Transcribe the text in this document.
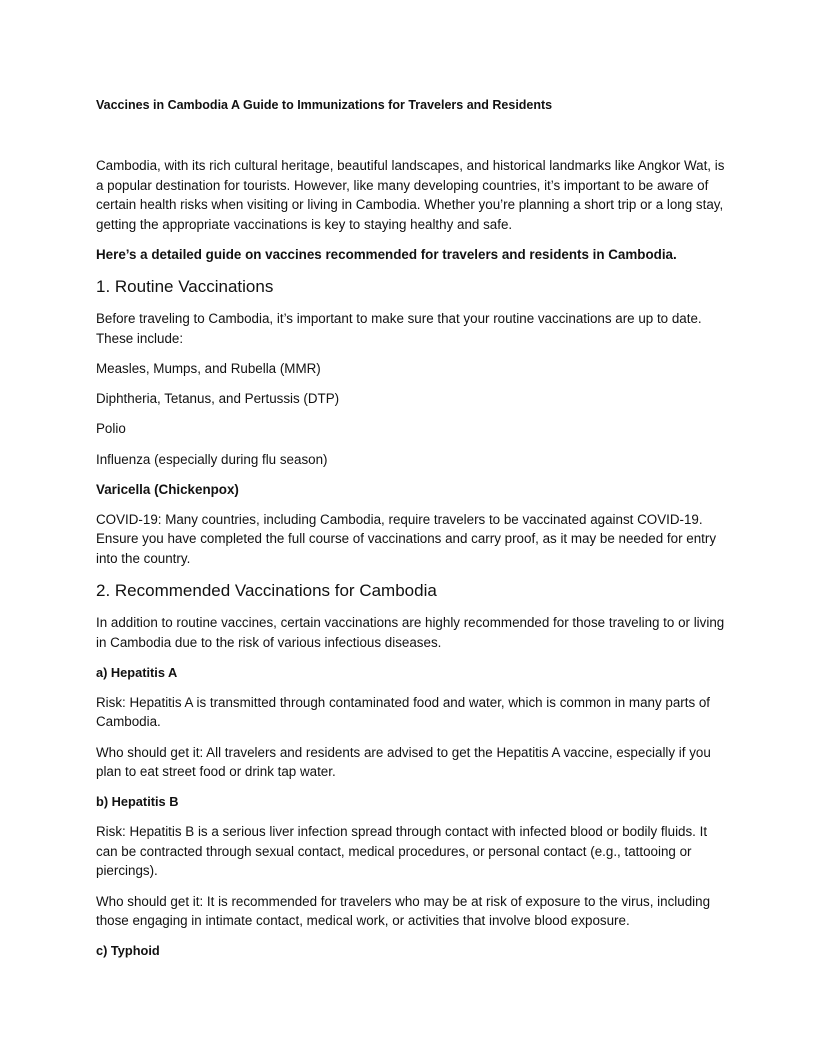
Vaccines in Cambodia A Guide to Immunizations for Travelers and Residents

Cambodia, with its rich cultural heritage, beautiful landscapes, and historical landmarks like Angkor Wat, is a popular destination for tourists. However, like many developing countries, it’s important to be aware of certain health risks when visiting or living in Cambodia. Whether you’re planning a short trip or a long stay, getting the appropriate vaccinations is key to staying healthy and safe.

Here’s a detailed guide on vaccines recommended for travelers and residents in Cambodia.

1. Routine Vaccinations

Before traveling to Cambodia, it’s important to make sure that your routine vaccinations are up to date. These include:

Measles, Mumps, and Rubella (MMR)

Diphtheria, Tetanus, and Pertussis (DTP)

Polio

Influenza (especially during flu season)

Varicella (Chickenpox)

COVID-19: Many countries, including Cambodia, require travelers to be vaccinated against COVID-19. Ensure you have completed the full course of vaccinations and carry proof, as it may be needed for entry into the country.

2. Recommended Vaccinations for Cambodia

In addition to routine vaccines, certain vaccinations are highly recommended for those traveling to or living in Cambodia due to the risk of various infectious diseases.

a) Hepatitis A

Risk: Hepatitis A is transmitted through contaminated food and water, which is common in many parts of Cambodia.

Who should get it: All travelers and residents are advised to get the Hepatitis A vaccine, especially if you plan to eat street food or drink tap water.

b) Hepatitis B

Risk: Hepatitis B is a serious liver infection spread through contact with infected blood or bodily fluids. It can be contracted through sexual contact, medical procedures, or personal contact (e.g., tattooing or piercings).

Who should get it: It is recommended for travelers who may be at risk of exposure to the virus, including those engaging in intimate contact, medical work, or activities that involve blood exposure.

c) Typhoid
